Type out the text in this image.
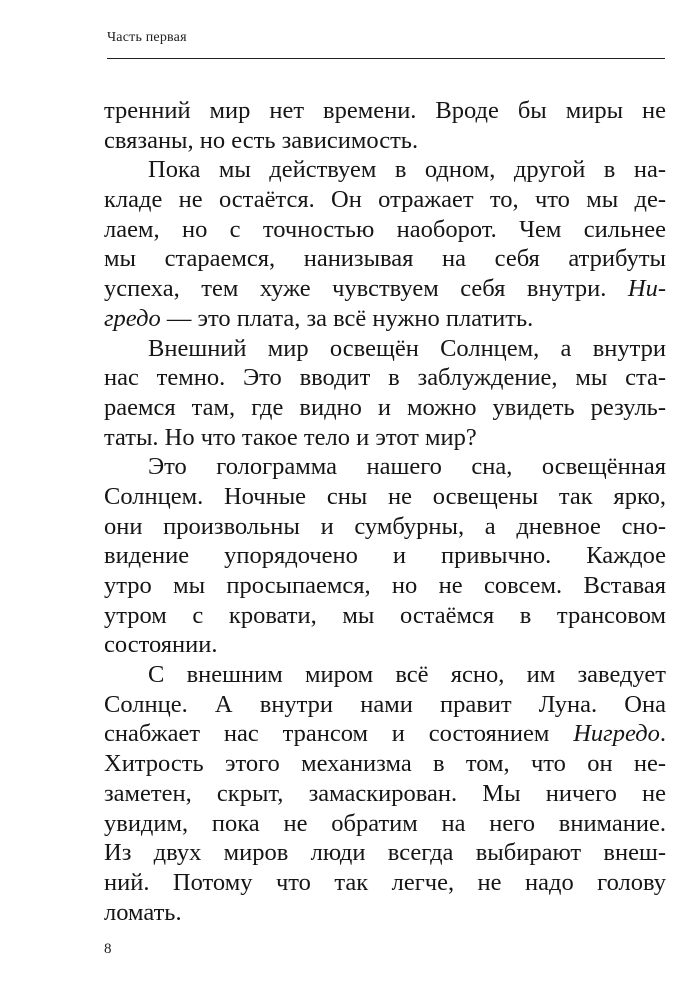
Часть первая
тренний мир нет времени. Вроде бы миры не
связаны, но есть зависимость.
Пока мы действуем в одном, другой в на-
кладе не остаётся. Он отражает то, что мы де-
лаем, но с точностью наоборот. Чем сильнее
мы стараемся, нанизывая на себя атрибуты
успеха, тем хуже чувствуем себя внутри. Ни-
гредо — это плата, за всё нужно платить.
Внешний мир освещён Солнцем, а внутри
нас темно. Это вводит в заблуждение, мы ста-
раемся там, где видно и можно увидеть резуль-
таты. Но что такое тело и этот мир?
Это голограмма нашего сна, освещённая
Солнцем. Ночные сны не освещены так ярко,
они произвольны и сумбурны, а дневное сно-
видение упорядочено и привычно. Каждое
утро мы просыпаемся, но не совсем. Вставая
утром с кровати, мы остаёмся в трансовом
состоянии.
С внешним миром всё ясно, им заведует
Солнце. А внутри нами правит Луна. Она
снабжает нас трансом и состоянием Нигредо.
Хитрость этого механизма в том, что он не-
заметен, скрыт, замаскирован. Мы ничего не
увидим, пока не обратим на него внимание.
Из двух миров люди всегда выбирают внеш-
ний. Потому что так легче, не надо голову
ломать.
8
